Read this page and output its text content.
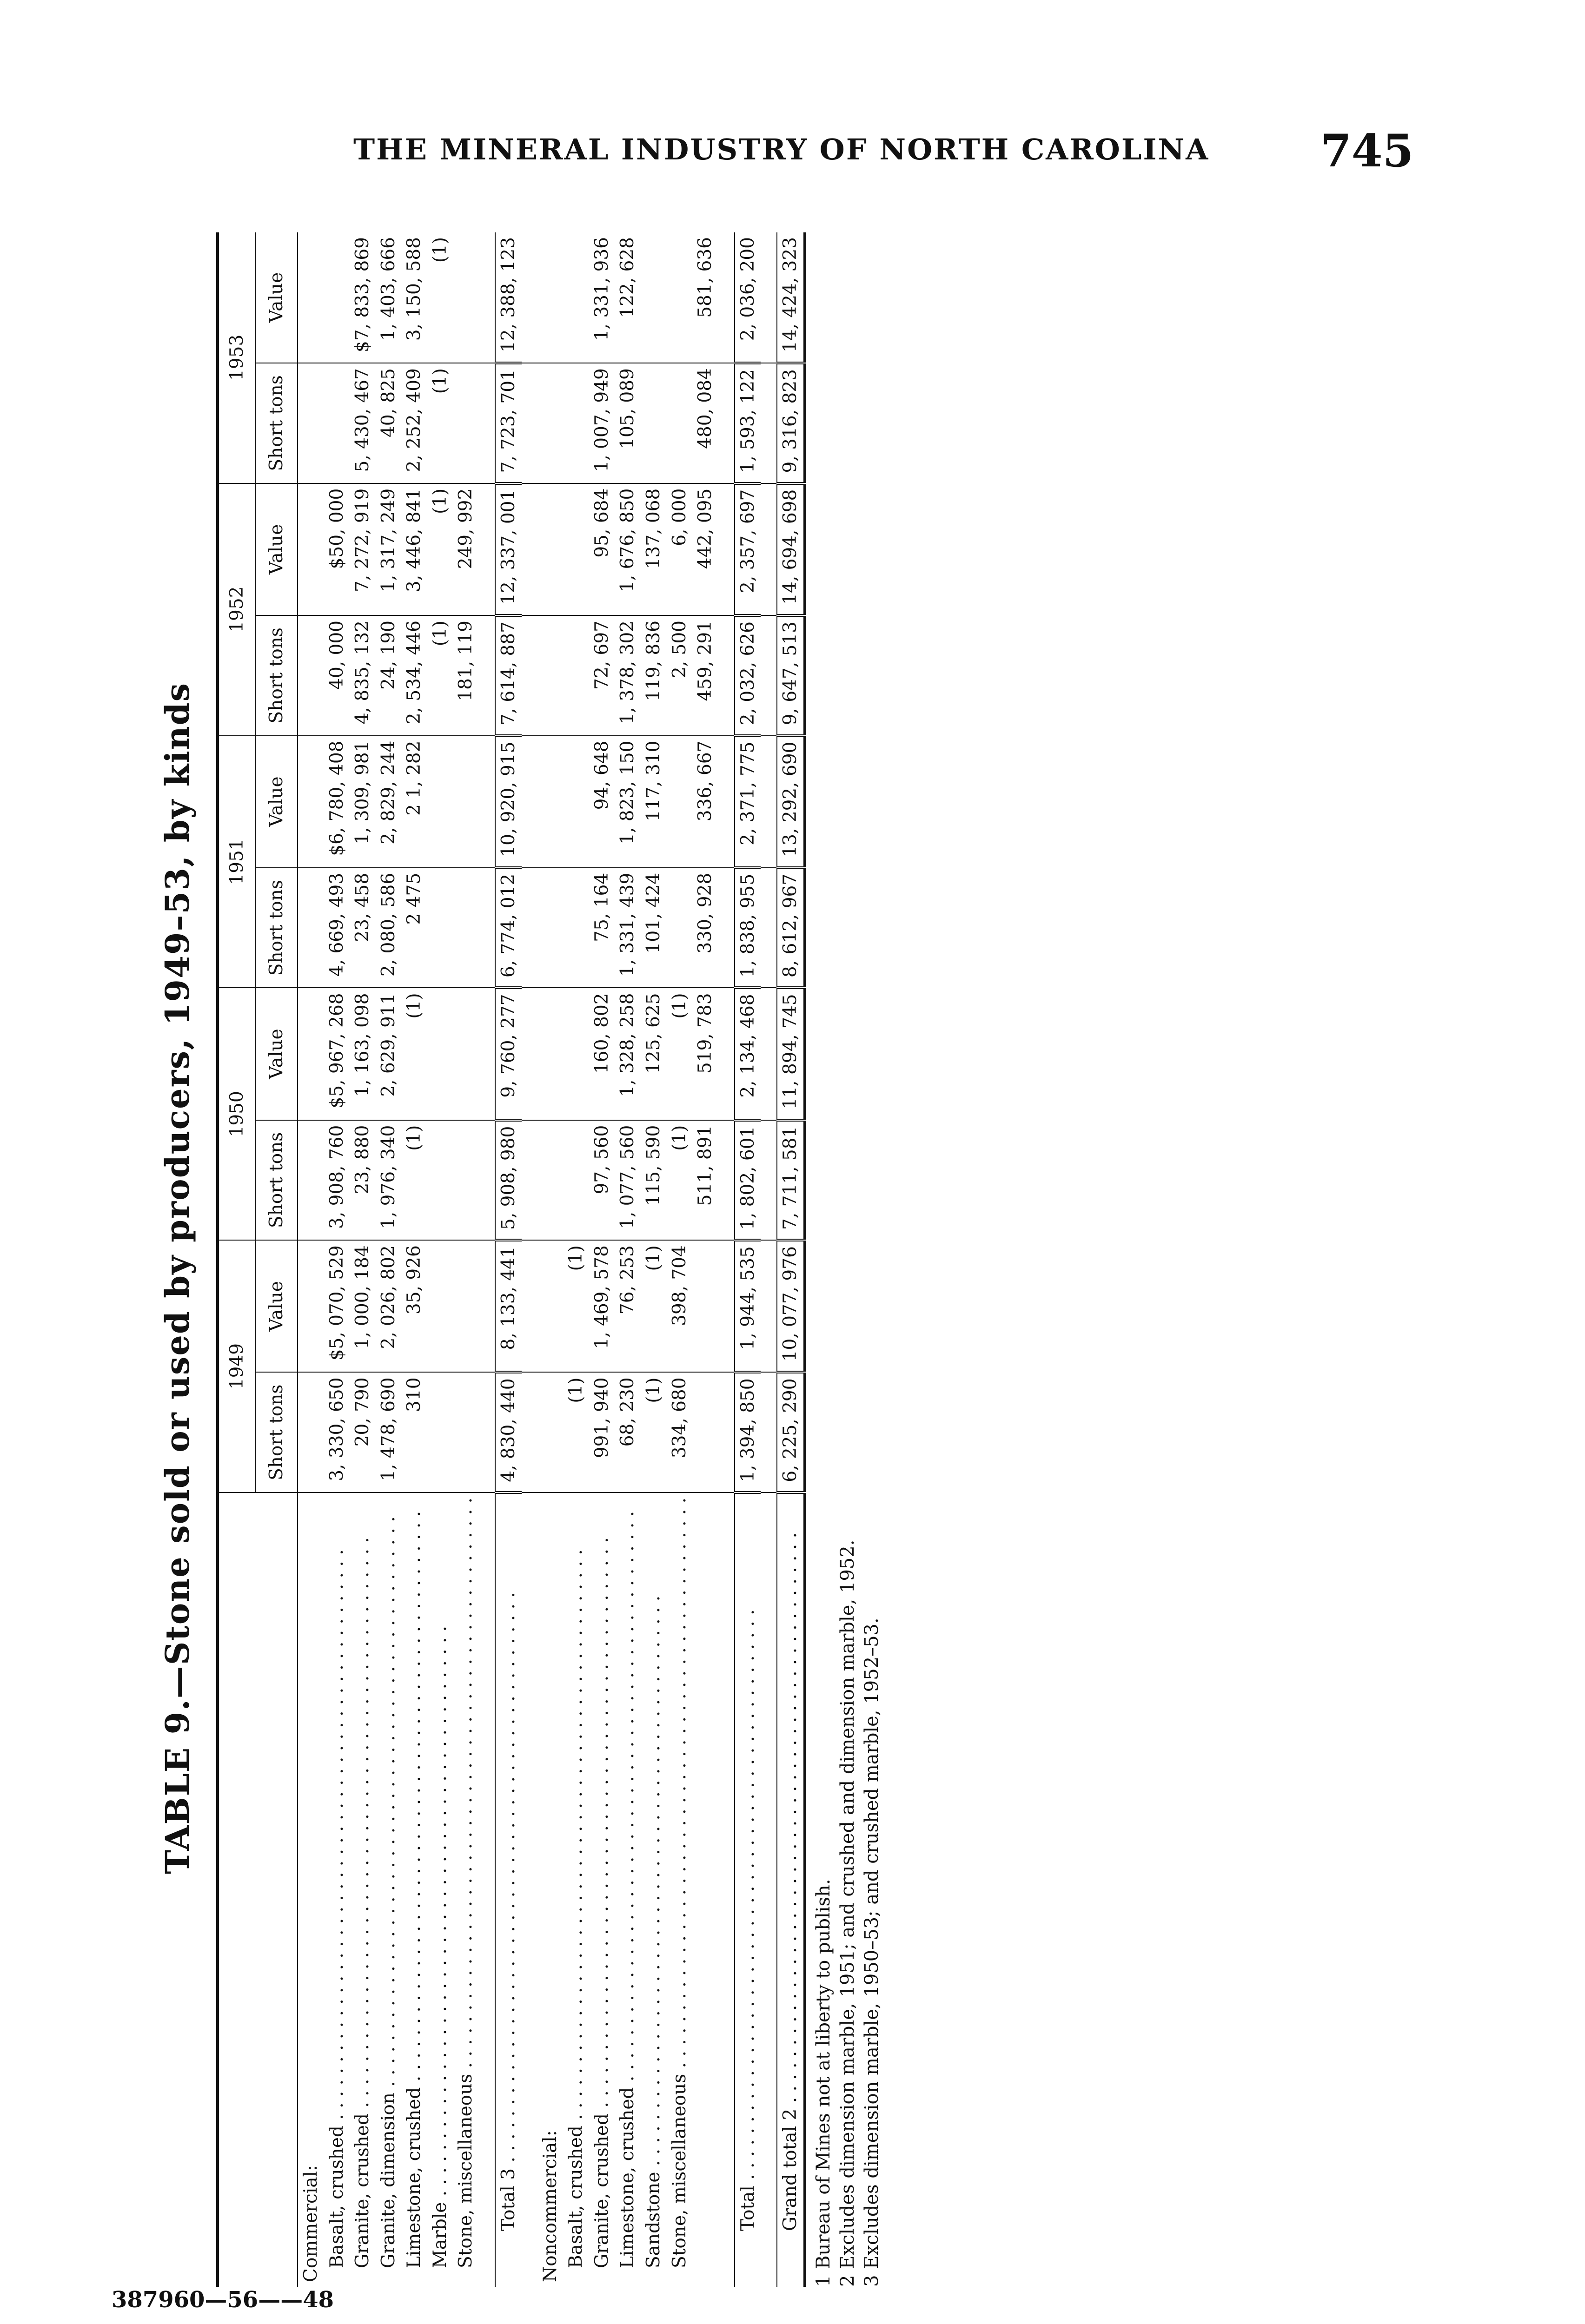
THE MINERAL INDUSTRY OF NORTH CAROLINA 745
TABLE 9.—Stone sold or used by producers, 1949–53, by kinds
	1949		1950		1951		1952		1953	
	Short tons	Value	Short tons	Value	Short tons	Value	Short tons	Value	Short tons	Value
Commercial:										
Basalt, crushed . . .	3, 330, 650	$5, 070, 529	3, 908, 760	$5, 967, 268	4, 669, 493	$6, 780, 408	40, 000	$50, 000		
Granite, crushed . . .	20, 790	1, 000, 184	23, 880	1, 163, 098	23, 458	1, 309, 981	4, 835, 132	7, 272, 919	5, 430, 467	$7, 833, 869
Granite, dimension . . .	1, 478, 690	2, 026, 802	1, 976, 340	2, 629, 911	2, 080, 586	2, 829, 244	24, 190	1, 317, 249	40, 825	1, 403, 666
Limestone, crushed . . .	310	35, 926	(1)	(1)	2 475	2 1, 282	2, 534, 446	3, 446, 841	2, 252, 409	3, 150, 588
Marble . . .							(1)	(1)	(1)	(1)
Stone, miscellaneous . . .							181, 119	249, 992		

Total 3 . . .	4, 830, 440	8, 133, 441	5, 908, 980	9, 760, 277	6, 774, 012	10, 920, 915	7, 614, 887	12, 337, 001	7, 723, 701	12, 388, 123

Noncommercial:										
Basalt, crushed . . .	(1)	(1)								
Granite, crushed . . .	991, 940	1, 469, 578	97, 560	160, 802	75, 164	94, 648	72, 697	95, 684	1, 007, 949	1, 331, 936
Limestone, crushed . . .	68, 230	76, 253	1, 077, 560	1, 328, 258	1, 331, 439	1, 823, 150	1, 378, 302	1, 676, 850	105, 089	122, 628
Sandstone . . .	(1)	(1)	115, 590	125, 625	101, 424	117, 310	119, 836	137, 068		
Stone, miscellaneous . . .	334, 680	398, 704	(1)	(1)			2, 500	6, 000		
			511, 891	519, 783	330, 928	336, 667	459, 291	442, 095	480, 084	581, 636

Total . . .	1, 394, 850	1, 944, 535	1, 802, 601	2, 134, 468	1, 838, 955	2, 371, 775	2, 032, 626	2, 357, 697	1, 593, 122	2, 036, 200

Grand total 2 . . .	6, 225, 290	10, 077, 976	7, 711, 581	11, 894, 745	8, 612, 967	13, 292, 690	9, 647, 513	14, 694, 698	9, 316, 823	14, 424, 323
1 Bureau of Mines not at liberty to publish. 2 Excludes dimension marble, 1951; and crushed and dimension marble, 1952. 3 Excludes dimension marble, 1950–53; and crushed marble, 1952–53.
387960—56——48
